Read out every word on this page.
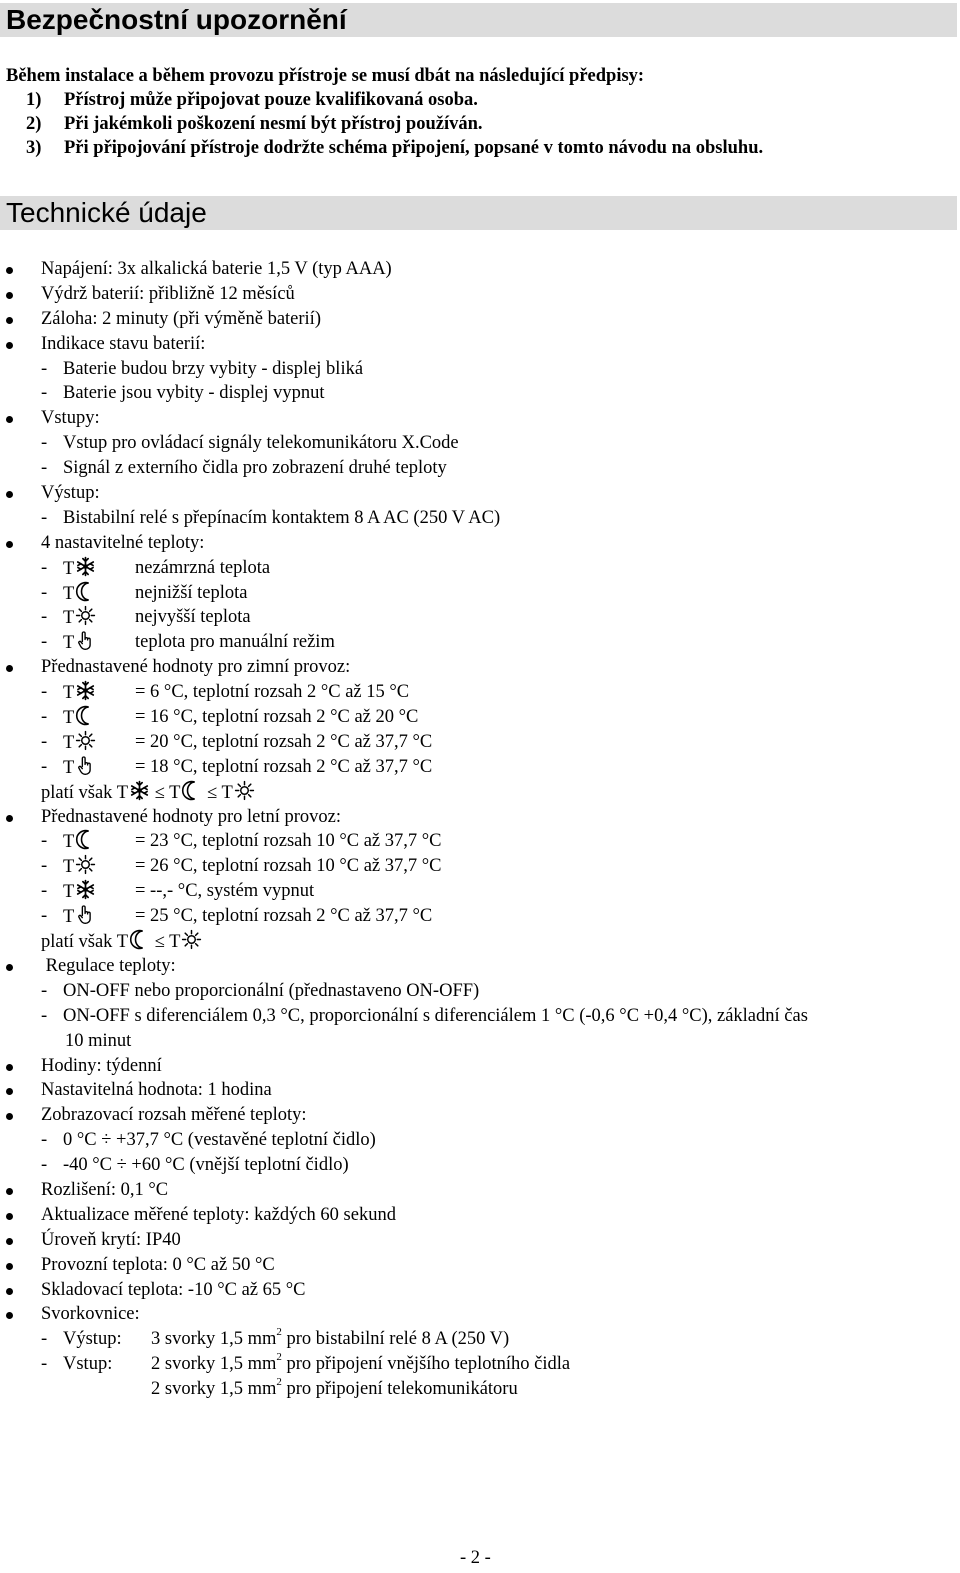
Bezpečnostní upozornění
Během instalace a během provozu přístroje se musí dbát na následující předpisy:
1) Přístroj může připojovat pouze kvalifikovaná osoba.
2) Při jakémkoli poškození nesmí být přístroj používán.
3) Při připojování přístroje dodržte schéma připojení, popsané v tomto návodu na obsluhu.
Technické údaje
Napájení: 3x alkalická baterie 1,5 V (typ AAA)
Výdrž baterií: přibližně 12 měsíců
Záloha: 2 minuty (při výměně baterií)
Indikace stavu baterií:
- Baterie budou brzy vybity - displej bliká
- Baterie jsou vybity - displej vypnut
Vstupy:
- Vstup pro ovládací signály telekomunikátoru X.Code
- Signál z externího čidla pro zobrazení druhé teploty
Výstup:
- Bistabilní relé s přepínacím kontaktem 8 A AC (250 V AC)
4 nastavitelné teploty:
- T	nezámrzná teplota
- T	nejnižší teplota
- T	nejvyšší teplota
- T	teplota pro manuální režim
Přednastavené hodnoty pro zimní provoz:
- T	= 6 °C, teplotní rozsah 2 °C až 15 °C
- T	= 16 °C, teplotní rozsah 2 °C až 20 °C
- T	= 20 °C, teplotní rozsah 2 °C až 37,7 °C
- T	= 18 °C, teplotní rozsah 2 °C až 37,7 °C
platí však T ≤ T ≤ T
Přednastavené hodnoty pro letní provoz:
- T	= 23 °C, teplotní rozsah 10 °C až 37,7 °C
- T	= 26 °C, teplotní rozsah 10 °C až 37,7 °C
- T	= --,- °C, systém vypnut
- T	= 25 °C, teplotní rozsah 2 °C až 37,7 °C
platí však T ≤ T
Regulace teploty:
- ON-OFF nebo proporcionální (přednastaveno ON-OFF)
- ON-OFF s diferenciálem 0,3 °C, proporcionální s diferenciálem 1 °C (-0,6 °C +0,4 °C), základní čas
10 minut
Hodiny: týdenní
Nastavitelná hodnota: 1 hodina
Zobrazovací rozsah měřené teploty:
- 0 °C ÷ +37,7 °C (vestavěné teplotní čidlo)
- -40 °C ÷ +60 °C (vnější teplotní čidlo)
Rozlišení: 0,1 °C
Aktualizace měřené teploty: každých 60 sekund
Úroveň krytí: IP40
Provozní teplota: 0 °C až 50 °C
Skladovací teplota: -10 °C až 65 °C
Svorkovnice:
- Výstup: 3 svorky 1,5 $mm^2$ pro bistabilní relé 8 A (250 V)
- Vstup: 2 svorky 1,5 $mm^2$ pro připojení vnějšího teplotního čidla
2 svorky 1,5 $mm^2$ pro připojení telekomunikátoru
- 2 -
